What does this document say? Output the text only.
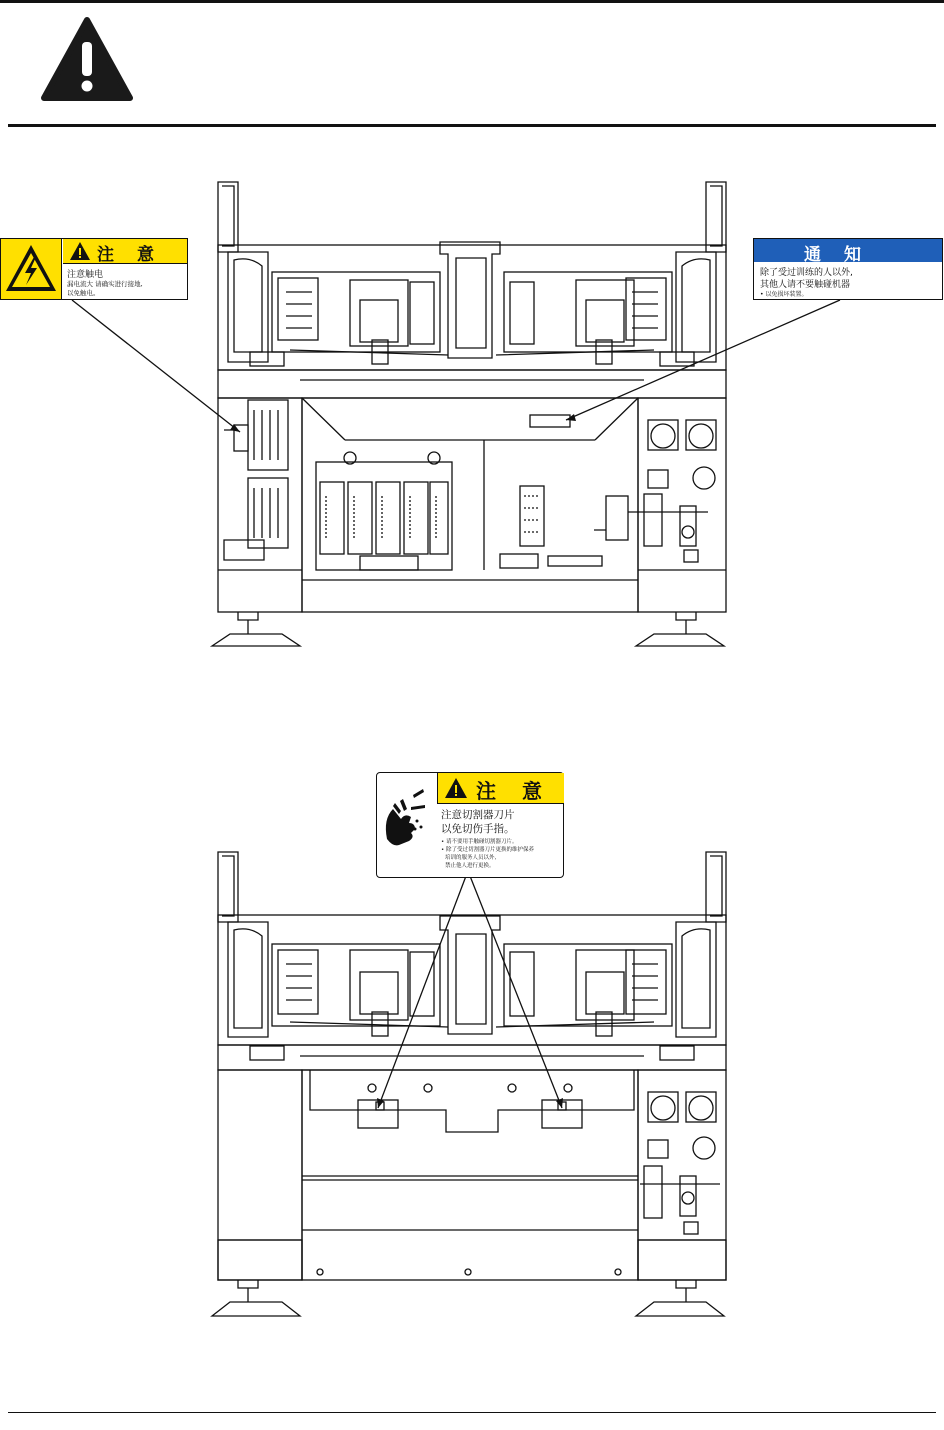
注　意
注意触电
漏电流大 请确实进行接地,
以免触电。
通　知
除了受过训练的人以外,
其他人请不要触碰机器
• 以免损坏装置。
注　意
注意切割器刀片
以免切伤手指。
• 请不要用手触碰切割器刀片。
• 除了受过切割器刀片更换的维护保养
培训的服务人员以外,
禁止他人进行更换。
